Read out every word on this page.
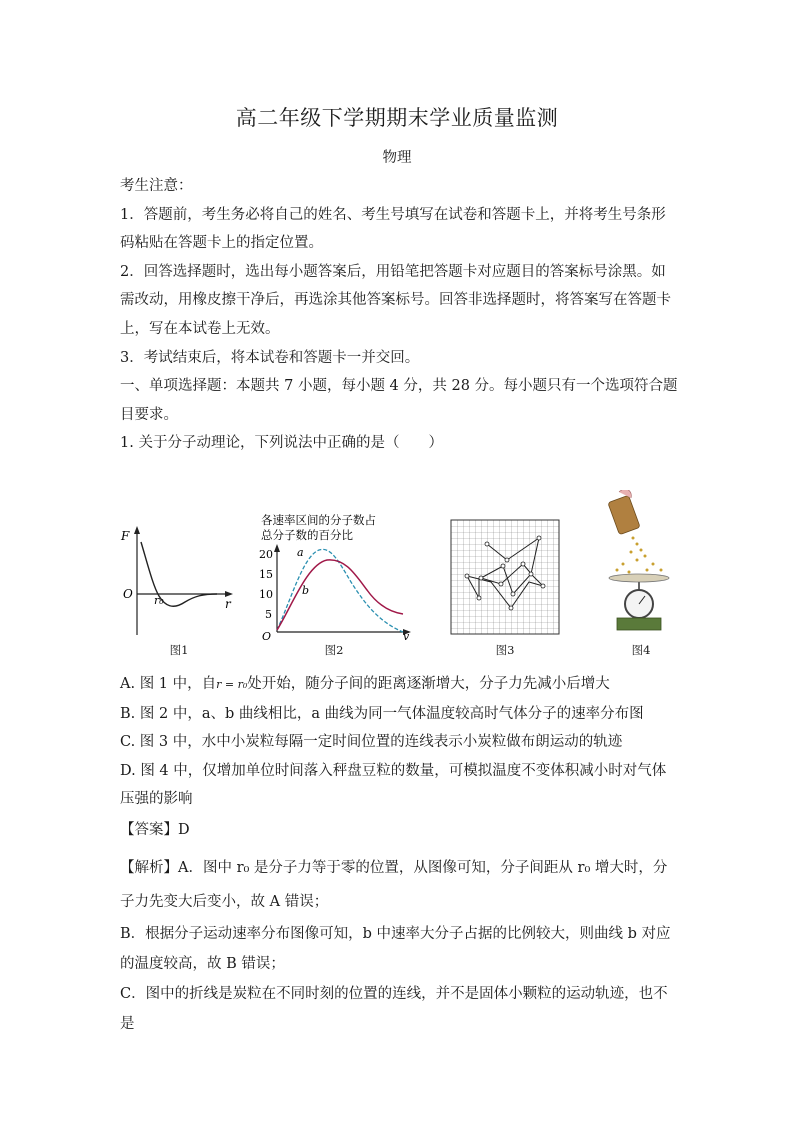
高二年级下学期期末学业质量监测
物理

考生注意：

1．答题前，考生务必将自己的姓名、考生号填写在试卷和答题卡上，并将考生号条形码粘贴在答题卡上的指定位置。

2．回答选择题时，选出每小题答案后，用铅笔把答题卡对应题目的答案标号涂黑。如需改动，用橡皮擦干净后，再选涂其他答案标号。回答非选择题时，将答案写在答题卡上，写在本试卷上无效。

3．考试结束后，将本试卷和答题卡一并交回。

一、单项选择题：本题共 7 小题，每小题 4 分，共 28 分。每小题只有一个选项符合题目要求。

1. 关于分子动理论，下列说法中正确的是（　　）

F
O
r
r₀
图1
各速率区间的分子数占
总分子数的百分比
20
15
10
5
O	v
a
b
图2	图3	图4

A. 图 1 中，自r = r₀处开始，随分子间的距离逐渐增大，分子力先减小后增大

B. 图 2 中，a、b 曲线相比，a 曲线为同一气体温度较高时气体分子的速率分布图

C. 图 3 中，水中小炭粒每隔一定时间位置的连线表示小炭粒做布朗运动的轨迹

D. 图 4 中，仅增加单位时间落入秤盘豆粒的数量，可模拟温度不变体积减小时对气体压强的影响

【答案】D

【解析】A．图中 r₀ 是分子力等于零的位置，从图像可知，分子间距从 r₀ 增大时，分子力先变大后变小，故 A 错误；

B．根据分子运动速率分布图像可知，b 中速率大分子占据的比例较大，则曲线 b 对应的温度较高，故 B 错误；

C．图中的折线是炭粒在不同时刻的位置的连线，并不是固体小颗粒的运动轨迹，也不是
